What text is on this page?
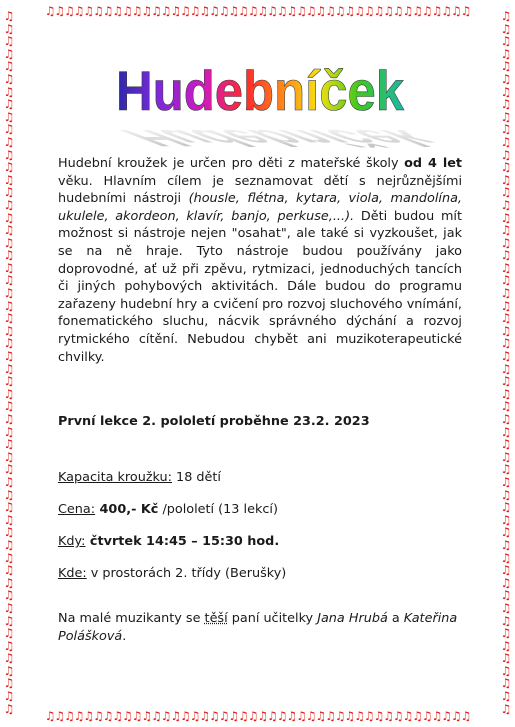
♫♫♫♫♫♫♫♫♫♫♫♫♫♫♫♫♫♫♫♫♫♫♫♫♫♫♫♫♫♫♫♫♫♫♫♫♫♫♫♫♫♫♫♫
♫♫♫♫♫♫♫♫♫♫♫♫♫♫♫♫♫♫♫♫♫♫♫♫♫♫♫♫♫♫♫♫♫♫♫♫♫♫♫♫♫♫♫♫
♫
♫
♫
♫
♫
♫
♫
♫
♫
♫
♫
♫
♫
♫
♫
♫
♫
♫
♫
♫
♫
♫
♫
♫
♫
♫
♫
♫
♫
♫
♫
♫
♫
♫
♫
♫
♫
♫
♫
♫
♫
♫
♫
♫
♫
♫
♫
♫
♫
♫
♫
♫
♫
♫
♫
♫
♫
♫
♫
♫
♫
♫
♫
♫
♫
♫
♫
♫
♫
♫
♫
♫
♫
♫
♫
♫
♫
♫
♫
♫
♫
♫
♫
♫
♫
♫
♫
♫
♫
♫
♫
♫
♫
♫
♫
♫
♫
♫
♫
♫
♫
♫
♫
♫
♫
♫
♫
♫
♫
♫
♫
♫
Hudebníček
Hudebníček

Hudební kroužek je určen pro děti z mateřské školy od 4 let věku. Hlavním cílem je seznamovat dětí s nejrůznějšími hudebními nástroji (housle, flétna, kytara, viola, mandolína, ukulele, akordeon, klavír, banjo, perkuse,...). Děti budou mít možnost si nástroje nejen "osahat", ale také si vyzkoušet, jak se na ně hraje. Tyto nástroje budou používány jako doprovodné, ať už při zpěvu, rytmizaci, jednoduchých tancích či jiných pohybových aktivitách. Dále budou do programu zařazeny hudební hry a cvičení pro rozvoj sluchového vnímání, fonematického sluchu, nácvik správného dýchání a rozvoj rytmického cítění. Nebudou chybět ani muzikoterapeutické chvilky.

První lekce 2. pololetí proběhne 23.2. 2023

Kapacita kroužku: 18 dětí

Cena: 400,- Kč /pololetí (13 lekcí)

Kdy: čtvrtek 14:45 – 15:30 hod.

Kde: v prostorách 2. třídy (Berušky)

Na malé muzikanty se těší paní učitelky Jana Hrubá a Kateřina Polášková.
